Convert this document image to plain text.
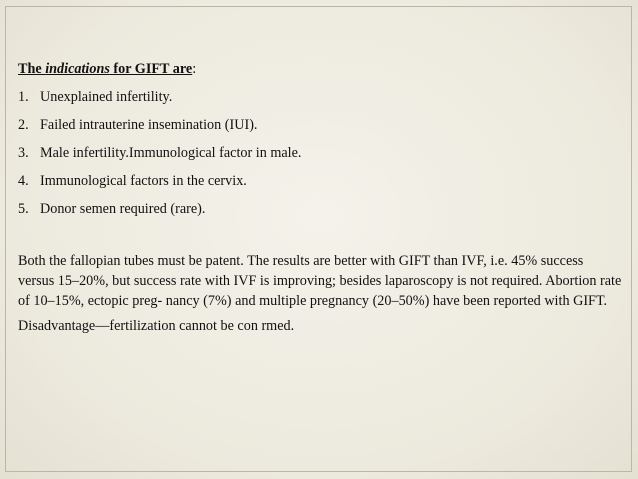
The indications for GIFT are:

1. Unexplained infertility.
2. Failed intrauterine insemination (IUI).
3. Male infertility.Immunological factor in male.
4. Immunological factors in the cervix.
5. Donor semen required (rare).

Both the fallopian tubes must be patent. The results are better with GIFT than IVF, i.e. 45% success versus 15–20%, but success rate with IVF is improving; besides laparoscopy is not required. Abortion rate of 10–15%, ectopic preg- nancy (7%) and multiple pregnancy (20–50%) have been reported with GIFT.

Disadvantage—fertilization cannot be con rmed.
